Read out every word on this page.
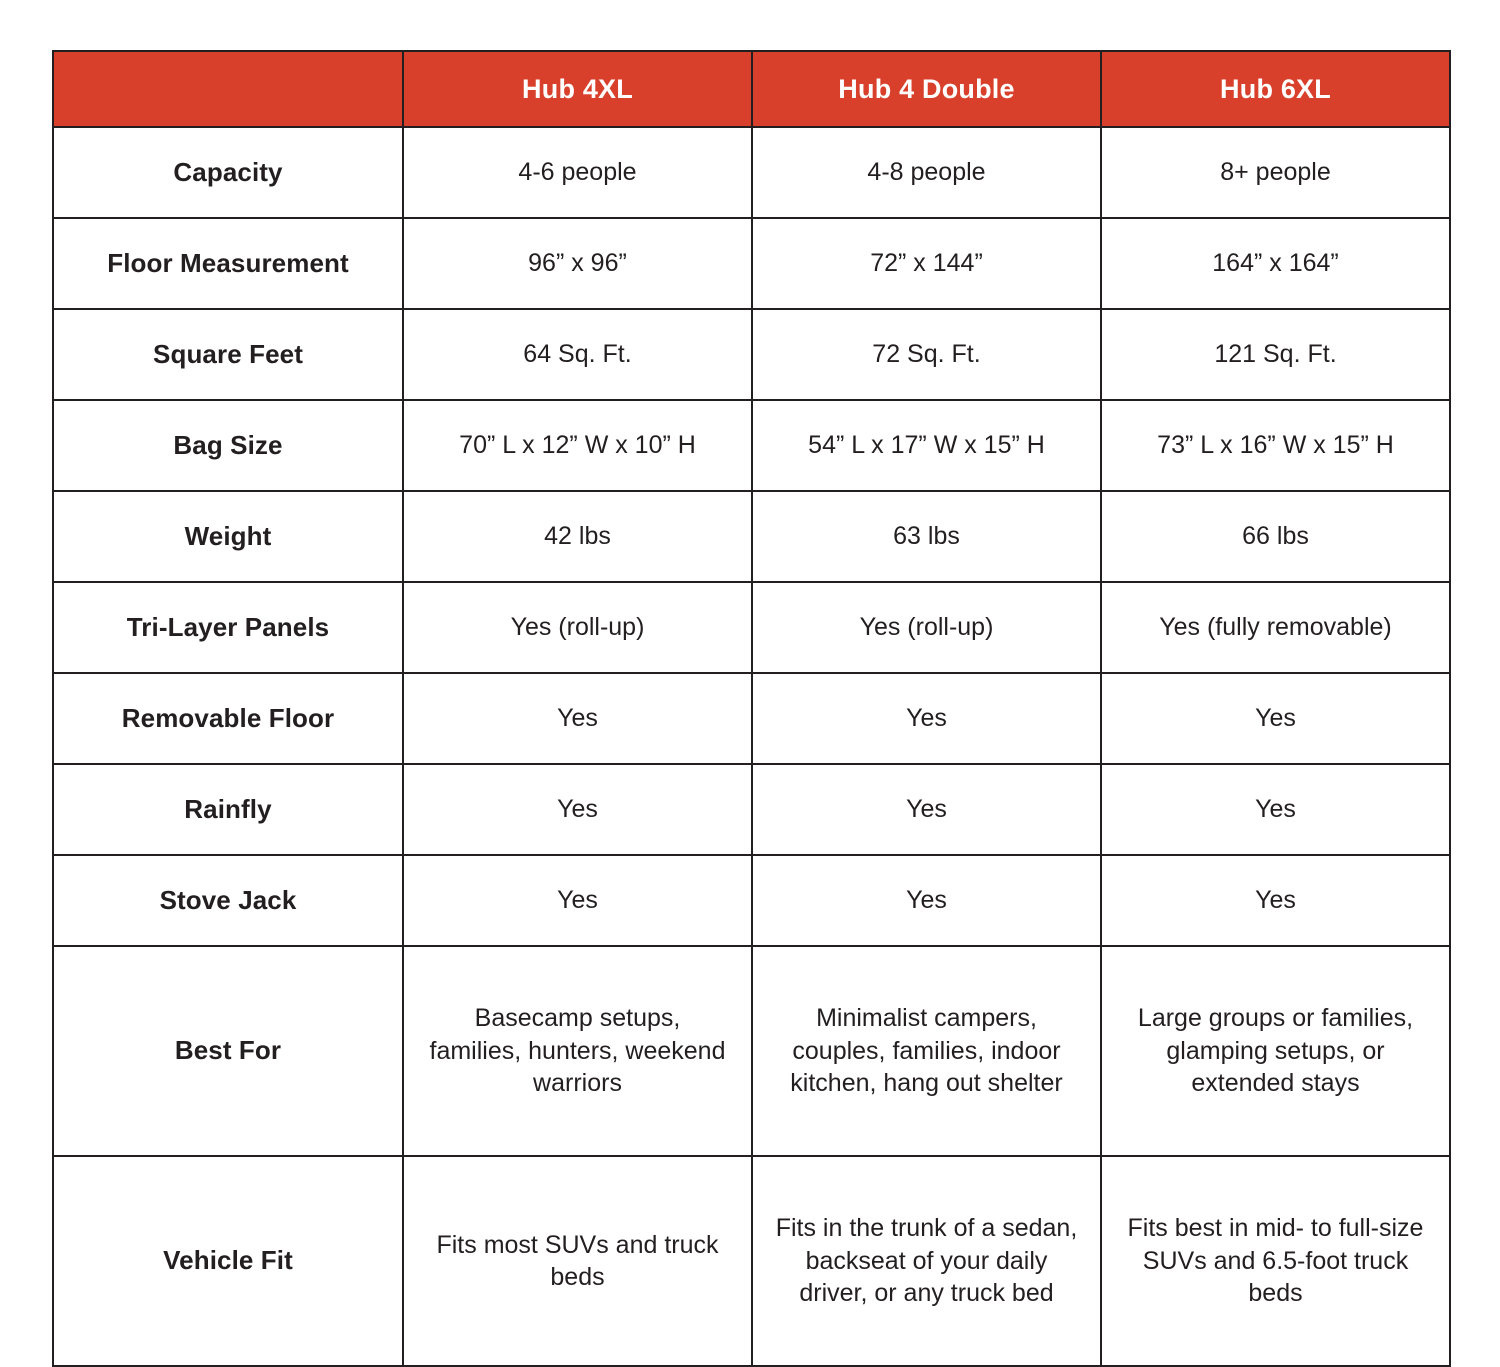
	Hub 4XL	Hub 4 Double	Hub 6XL
Capacity	4-6 people	4-8 people	8+ people
Floor Measurement	96” x 96”	72” x 144”	164” x 164”
Square Feet	64 Sq. Ft.	72 Sq. Ft.	121 Sq. Ft.
Bag Size	70” L x 12” W x 10” H	54” L x 17” W x 15” H	73” L x 16” W x 15” H
Weight	42 lbs	63 lbs	66 lbs
Tri-Layer Panels	Yes (roll-up)	Yes (roll-up)	Yes (fully removable)
Removable Floor	Yes	Yes	Yes
Rainfly	Yes	Yes	Yes
Stove Jack	Yes	Yes	Yes
Best For	Basecamp setups, families, hunters, weekend warriors	Minimalist campers, couples, families, indoor kitchen, hang out shelter	Large groups or families, glamping setups, or extended stays
Vehicle Fit	Fits most SUVs and truck beds	Fits in the trunk of a sedan, backseat of your daily driver, or any truck bed	Fits best in mid- to full-size SUVs and 6.5-foot truck beds
